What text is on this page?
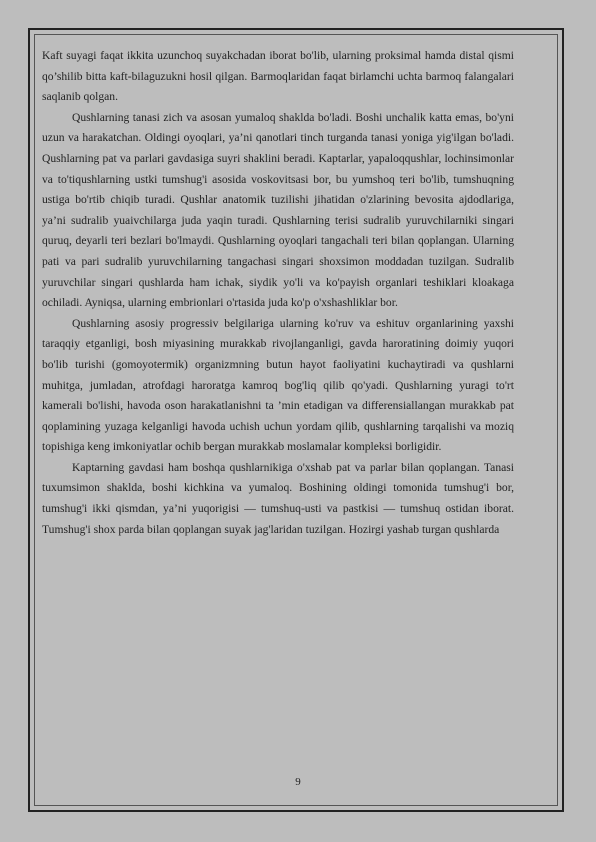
Kaft suyagi faqat ikkita uzunchoq suyakchadan iborat bo'lib, ularning proksimal hamda distal qismi qo’shilib bitta kaft-bilaguzukni hosil qilgan. Barmoqlaridan faqat birlamchi uchta barmoq falangalari saqlanib qolgan.

Qushlarning tanasi zich va asosan yumaloq shaklda bo'ladi. Boshi unchalik katta emas, bo'yni uzun va harakatchan. Oldingi oyoqlari, ya’ni qanotlari tinch turganda tanasi yoniga yig'ilgan bo'ladi. Qushlarning pat va parlari gavdasiga suyri shaklini beradi. Kaptarlar, yapaloqqushlar, lochinsimonlar va to'tiqushlarning ustki tumshug'i asosida voskovitsasi bor, bu yumshoq teri bo'lib, tumshuqning ustiga bo'rtib chiqib turadi. Qushlar anatomik tuzilishi jihatidan o'zlarining bevosita ajdodlariga, ya’ni sudralib yuaivchilarga juda yaqin turadi. Qushlarning terisi sudralib yuruvchilarniki singari quruq, deyarli teri bezlari bo'lmaydi. Qushlarning oyoqlari tangachali teri bilan qoplangan. Ularning pati va pari sudralib yuruvchilarning tangachasi singari shoxsimon moddadan tuzilgan. Sudralib yuruvchilar singari qushlarda ham ichak, siydik yo'li va ko'payish organlari teshiklari kloakaga ochiladi. Ayniqsa, ularning embrionlari o'rtasida juda ko'p o'xshashliklar bor.

Qushlarning asosiy progressiv belgilariga ularning ko'ruv va eshituv organlarining yaxshi taraqqiy etganligi, bosh miyasining murakkab rivojlanganligi, gavda haroratining doimiy yuqori bo'lib turishi (gomoyotermik) organizmning butun hayot faoliyatini kuchaytiradi va qushlarni muhitga, jumladan, atrofdagi haroratga kamroq bog'liq qilib qo'yadi. Qushlarning yuragi to'rt kamerali bo'lishi, havoda oson harakatlanishni ta ’min etadigan va differensiallangan murakkab pat qoplamining yuzaga kelganligi havoda uchish uchun yordam qilib, qushlarning tarqalishi va moziq topishiga keng imkoniyatlar ochib bergan murakkab moslamalar kompleksi borligidir.

Kaptarning gavdasi ham boshqa qushlarnikiga o'xshab pat va parlar bilan qoplangan. Tanasi tuxumsimon shaklda, boshi kichkina va yumaloq. Boshining oldingi tomonida tumshug'i bor, tumshug'i ikki qismdan, ya’ni yuqorigisi — tumshuq-usti va pastkisi — tumshuq ostidan iborat. Tumshug'i shox parda bilan qoplangan suyak jag'laridan tuzilgan. Hozirgi yashab turgan qushlarda

9
